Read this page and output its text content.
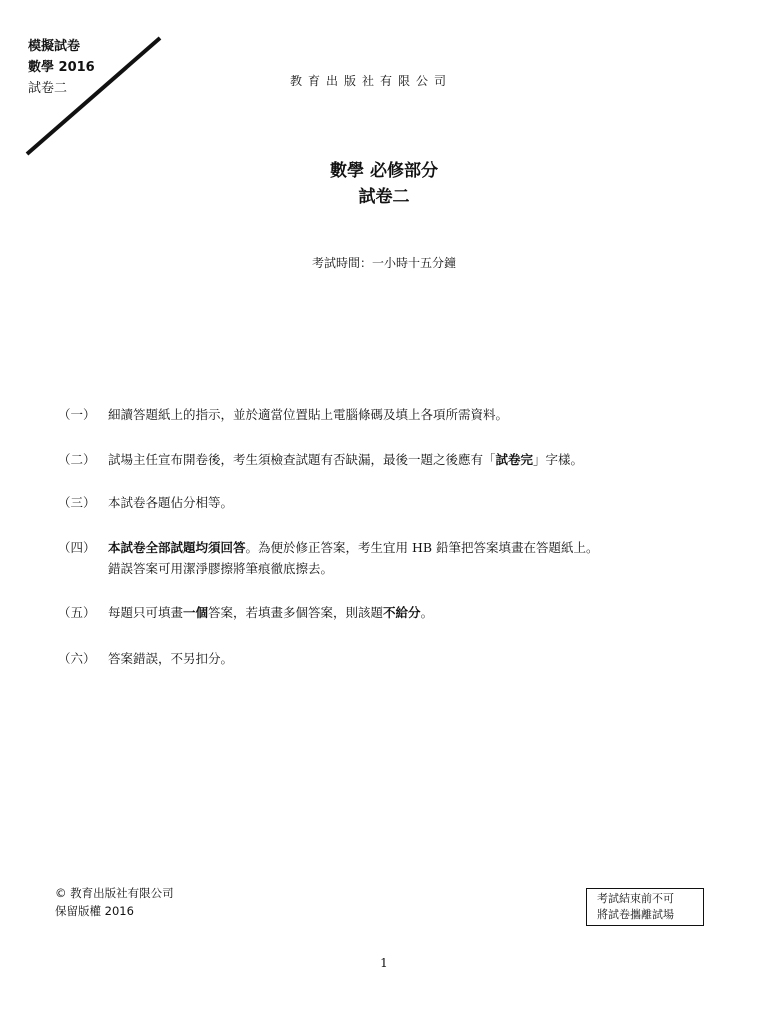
模擬試卷
數學 2016
試卷二	教育出版社有限公司
數學 必修部分
試卷二
考試時間：一小時十五分鐘
（一） 細讀答題紙上的指示，並於適當位置貼上電腦條碼及填上各項所需資料。
（二） 試場主任宣布開卷後，考生須檢查試題有否缺漏，最後一題之後應有「試卷完」字樣。
（三） 本試卷各題佔分相等。
（四） 本試卷全部試題均須回答。為便於修正答案，考生宜用 HB 鉛筆把答案填畫在答題紙上。
錯誤答案可用潔淨膠擦將筆痕徹底擦去。
（五） 每題只可填畫一個答案，若填畫多個答案，則該題不給分。
（六） 答案錯誤，不另扣分。
© 教育出版社有限公司
保留版權 2016
考試結束前不可
將試卷攜離試場
1
